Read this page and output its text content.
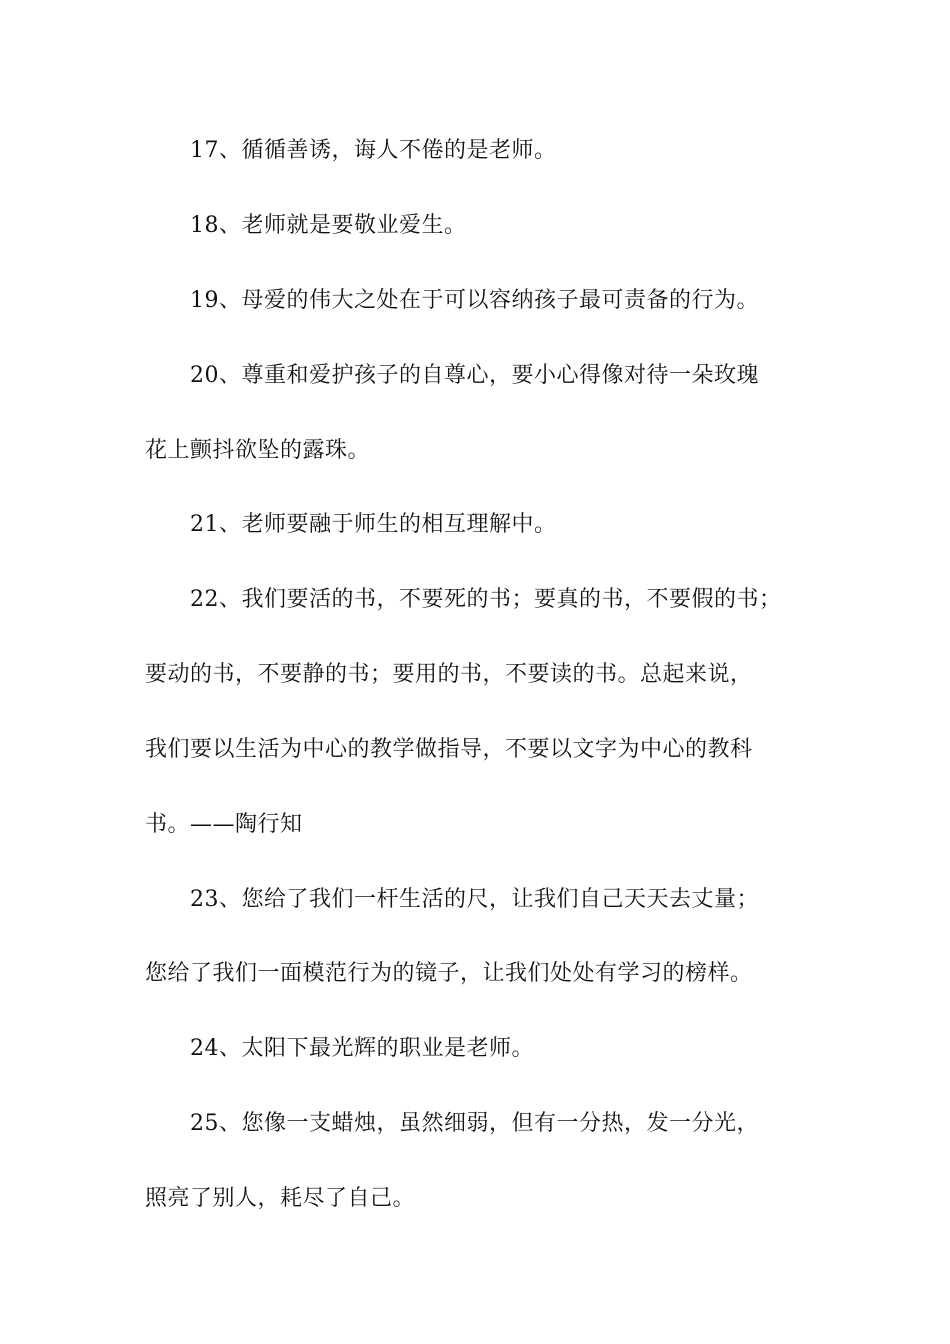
17、循循善诱，诲人不倦的是老师。
18、老师就是要敬业爱生。
19、母爱的伟大之处在于可以容纳孩子最可责备的行为。
20、尊重和爱护孩子的自尊心，要小心得像对待一朵玫瑰
花上颤抖欲坠的露珠。
21、老师要融于师生的相互理解中。
22、我们要活的书，不要死的书；要真的书，不要假的书；
要动的书，不要静的书；要用的书，不要读的书。总起来说，
我们要以生活为中心的教学做指导，不要以文字为中心的教科
书。——陶行知
23、您给了我们一杆生活的尺，让我们自己天天去丈量；
您给了我们一面模范行为的镜子，让我们处处有学习的榜样。
24、太阳下最光辉的职业是老师。
25、您像一支蜡烛，虽然细弱，但有一分热，发一分光，
照亮了别人，耗尽了自己。
